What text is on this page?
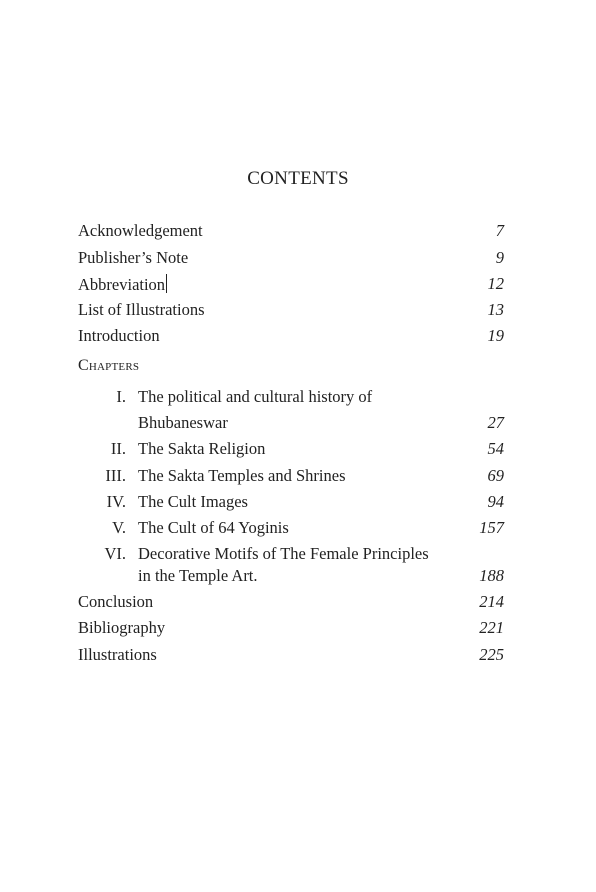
CONTENTS
Acknowledgement	7
Publisher’s Note	9
Abbreviation	12
List of Illustrations	13
Introduction	19
Chapters
I. The political and cultural history of
Bhubaneswar	27
II. The Sakta Religion	54
III. The Sakta Temples and Shrines	69
IV. The Cult Images	94
V. The Cult of 64 Yoginis	157
VI. Decorative Motifs of The Female Principles
in the Temple Art.	188
Conclusion	214
Bibliography	221
Illustrations	225
